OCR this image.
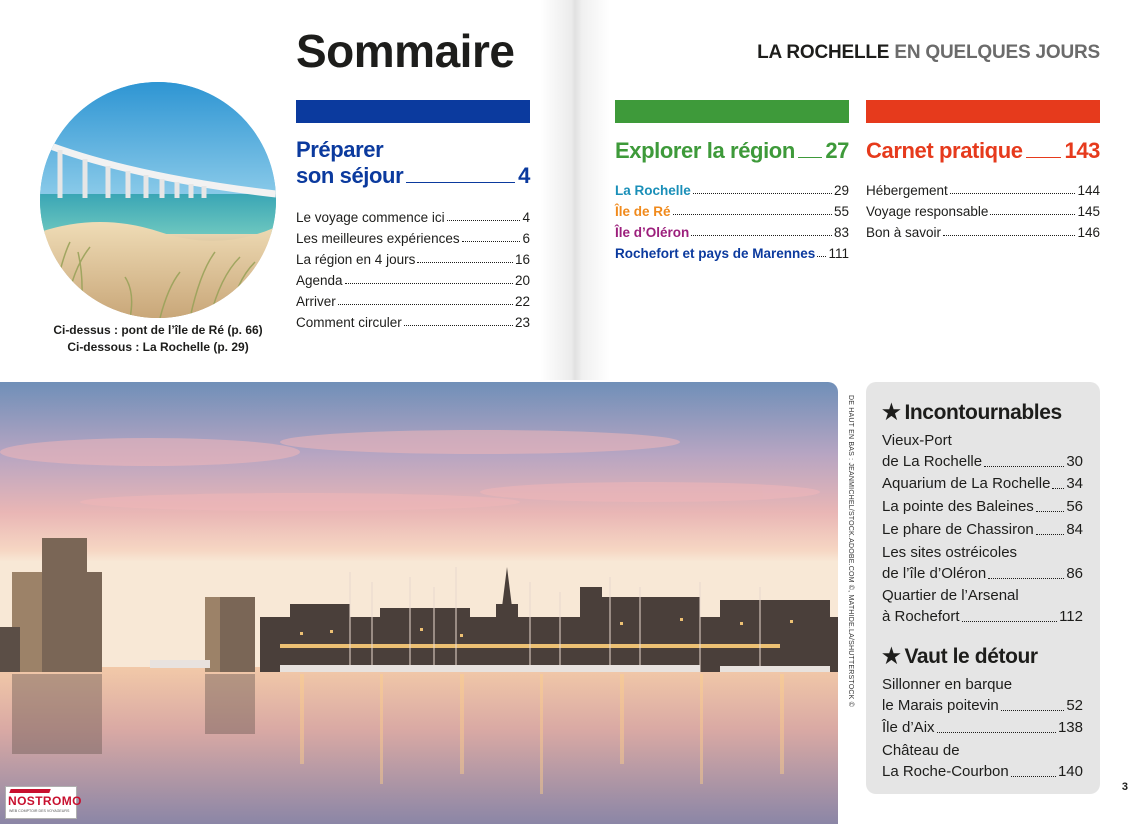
Sommaire	LA ROCHELLE EN QUELQUES JOURS
Ci-dessus : pont de l’île de Ré (p. 66)
Ci-dessous : La Rochelle (p. 29)
Préparer
son séjour	4
Le voyage commence ici	4
Les meilleures expériences	6
La région en 4 jours	16
Agenda	20
Arriver	22
Comment circuler	23
Explorer la région 27
La Rochelle	29
Île de Ré	55
Île d’Oléron	83
Rochefort et pays de Marennes 111
Carnet pratique 143
Hébergement	144
Voyage responsable	145
Bon à savoir	146
DE HAUT EN BAS : JEANMICHEL/STOCK.ADOBE.COM ©, MATHIDE.LA/SHUTTERSTOCK © ★ Incontournables
Vieux-Port
de La Rochelle	30
Aquarium de La Rochelle 34
La pointe des Baleines 56
Le phare de Chassiron 84
Les sites ostréicoles
de l’île d’Oléron	86
Quartier de l’Arsenal
à Rochefort	112
★ Vaut le détour
Sillonner en barque
le Marais poitevin	52
Île d’Aix	138
Château de
La Roche-Courbon	140
3
NOSTROMO
WEB COMPTOIR DES VOYAGEURS
